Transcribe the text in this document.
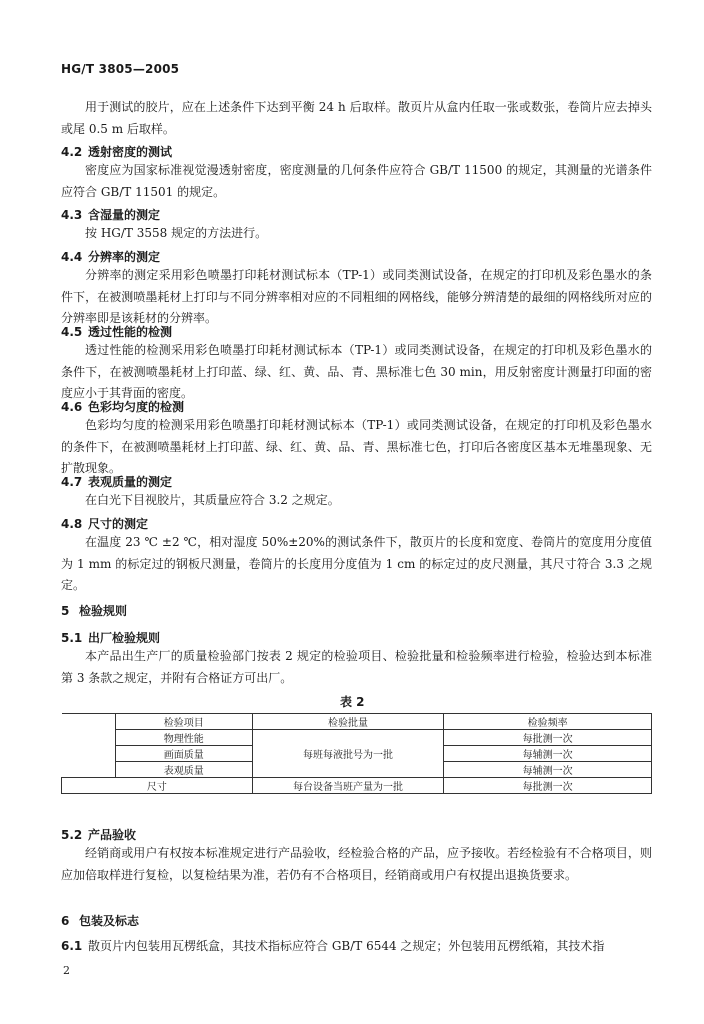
HG/T 3805—2005
用于测试的胶片，应在上述条件下达到平衡 24 h 后取样。散页片从盒内任取一张或数张，卷筒片应去掉头或尾 0.5 m 后取样。
4.2 透射密度的测试
密度应为国家标准视觉漫透射密度，密度测量的几何条件应符合 GB/T 11500 的规定，其测量的光谱条件应符合 GB/T 11501 的规定。
4.3 含湿量的测定
按 HG/T 3558 规定的方法进行。
4.4 分辨率的测定
分辨率的测定采用彩色喷墨打印耗材测试标本（TP-1）或同类测试设备，在规定的打印机及彩色墨水的条件下，在被测喷墨耗材上打印与不同分辨率相对应的不同粗细的网格线，能够分辨清楚的最细的网格线所对应的分辨率即是该耗材的分辨率。
4.5 透过性能的检测
透过性能的检测采用彩色喷墨打印耗材测试标本（TP-1）或同类测试设备，在规定的打印机及彩色墨水的条件下，在被测喷墨耗材上打印蓝、绿、红、黄、品、青、黑标准七色 30 min，用反射密度计测量打印面的密度应小于其背面的密度。
4.6 色彩均匀度的检测
色彩均匀度的检测采用彩色喷墨打印耗材测试标本（TP-1）或同类测试设备，在规定的打印机及彩色墨水的条件下，在被测喷墨耗材上打印蓝、绿、红、黄、品、青、黑标准七色，打印后各密度区基本无堆墨现象、无扩散现象。
4.7 表观质量的测定
在白光下目视胶片，其质量应符合 3.2 之规定。
4.8 尺寸的测定
在温度 23 ℃ ±2 ℃，相对湿度 50%±20%的测试条件下，散页片的长度和宽度、卷筒片的宽度用分度值为 1 mm 的标定过的钢板尺测量，卷筒片的长度用分度值为 1 cm 的标定过的皮尺测量，其尺寸符合 3.3 之规定。
5 检验规则
5.1 出厂检验规则
本产品出生产厂的质量检验部门按表 2 规定的检验项目、检验批量和检验频率进行检验，检验达到本标准第 3 条款之规定，并附有合格证方可出厂。
表 2
	检验项目	检验批量	检验频率
	物理性能	每班每液批号为一批	每批测一次
	画面质量		每辅测一次
	表观质量		每辅测一次
尺寸		每台设备当班产量为一批	每批测一次
5.2 产品验收
经销商或用户有权按本标准规定进行产品验收，经检验合格的产品，应予接收。若经检验有不合格项目，则应加倍取样进行复检，以复检结果为准，若仍有不合格项目，经销商或用户有权提出退换货要求。
6 包装及标志
6.1 散页片内包装用瓦楞纸盒，其技术指标应符合 GB/T 6544 之规定；外包装用瓦楞纸箱，其技术指
2
